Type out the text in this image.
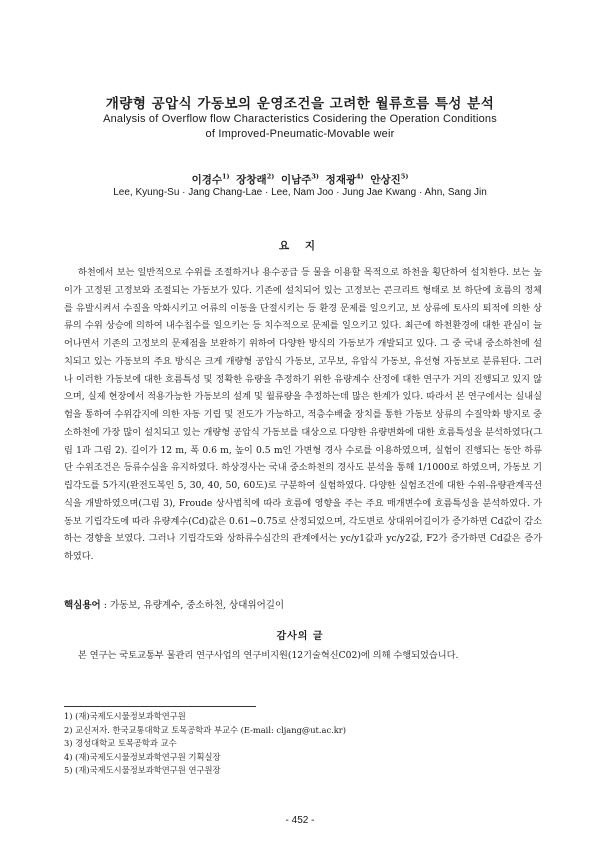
개량형 공압식 가동보의 운영조건을 고려한 월류흐름 특성 분석
Analysis of Overflow flow Characteristics Cosidering the Operation Conditions
of Improved-Pneumatic-Movable weir
이경수$^{1)}$ 장창래$^{2)}$ 이남주$^{3)}$ 정재광$^{4)}$ 안상진$^{5)}$
Lee, Kyung-Su · Jang Chang-Lae · Lee, Nam Joo · Jung Jae Kwang · Ahn, Sang Jin
요 지

하천에서 보는 일반적으로 수위를 조절하거나 용수공급 등 물을 이용할 목적으로 하천을 횡단하여 설치한다. 보는 높이가 고정된 고정보와 조절되는 가동보가 있다. 기존에 설치되어 있는 고정보는 콘크리트 형태로 보 하단에 흐름의 정체를 유발시켜서 수질을 악화시키고 어류의 이동을 단절시키는 등 환경 문제를 일으키고, 보 상류에 토사의 퇴적에 의한 상류의 수위 상승에 의하여 내수침수를 일으키는 등 치수적으로 문제를 일으키고 있다. 최근에 하천환경에 대한 관심이 늘어나면서 기존의 고정보의 문제점을 보완하기 위하여 다양한 방식의 가동보가 개발되고 있다. 그 중 국내 중소하천에 설치되고 있는 가동보의 주요 방식은 크게 개량형 공압식 가동보, 고무보, 유압식 가동보, 유선형 자동보로 분류된다. 그러나 이러한 가동보에 대한 흐름특성 및 정확한 유량을 추정하기 위한 유량계수 산정에 대한 연구가 거의 진행되고 있지 않으며, 실제 현장에서 적용가능한 가동보의 설계 및 월류량을 추정하는데 많은 한계가 있다. 따라서 본 연구에서는 실내실험을 통하여 수위감지에 의한 자동 기립 및 전도가 가능하고, 적층수배출 장치를 통한 가동보 상류의 수질악화 방지로 중소하천에 가장 많이 설치되고 있는 개량형 공압식 가동보를 대상으로 다양한 유량변화에 대한 흐름특성을 분석하였다(그림 1과 그림 2). 길이가 12 m, 폭 0.6 m, 높이 0.5 m인 가변형 경사 수로를 이용하였으며, 실험이 진행되는 동안 하류단 수위조건은 등류수심을 유지하였다. 하상경사는 국내 중소하천의 경사도 분석을 통해 1/1000로 하였으며, 가동보 기립각도를 5가지(완전도복인 5, 30, 40, 50, 60도)로 구분하여 실험하였다. 다양한 실험조건에 대한 수위-유량관계곡선식을 개발하였으며(그림 3), Froude 상사법칙에 따라 흐름에 영향을 주는 주요 매개변수에 흐름특성을 분석하였다. 가동보 기립각도에 따라 유량계수(Cd)값은 0.61~0.75로 산정되었으며, 각도변로 상대위어길이가 증가하면 Cd값이 감소하는 경향을 보였다. 그러나 기립각도와 상하류수심간의 관계에서는 yc/y1값과 yc/y2값, F2가 증가하면 Cd값은 증가하였다.

핵심용어 : 가동보, 유량계수, 중소하천, 상대위어길이
감사의 글
본 연구는 국토교통부 물관리 연구사업의 연구비지원(12기술혁신C02)에 의해 수행되었습니다.
1) (재)국제도시물정보과학연구원
2) 교신저자. 한국교통대학교 토목공학과 부교수 (E-mail: cljang@ut.ac.kr)
3) 경성대학교 토목공학과 교수
4) (재)국제도시물정보과학연구원 기획실장
5) (재)국제도시물정보과학연구원 연구원장
- 452 -
